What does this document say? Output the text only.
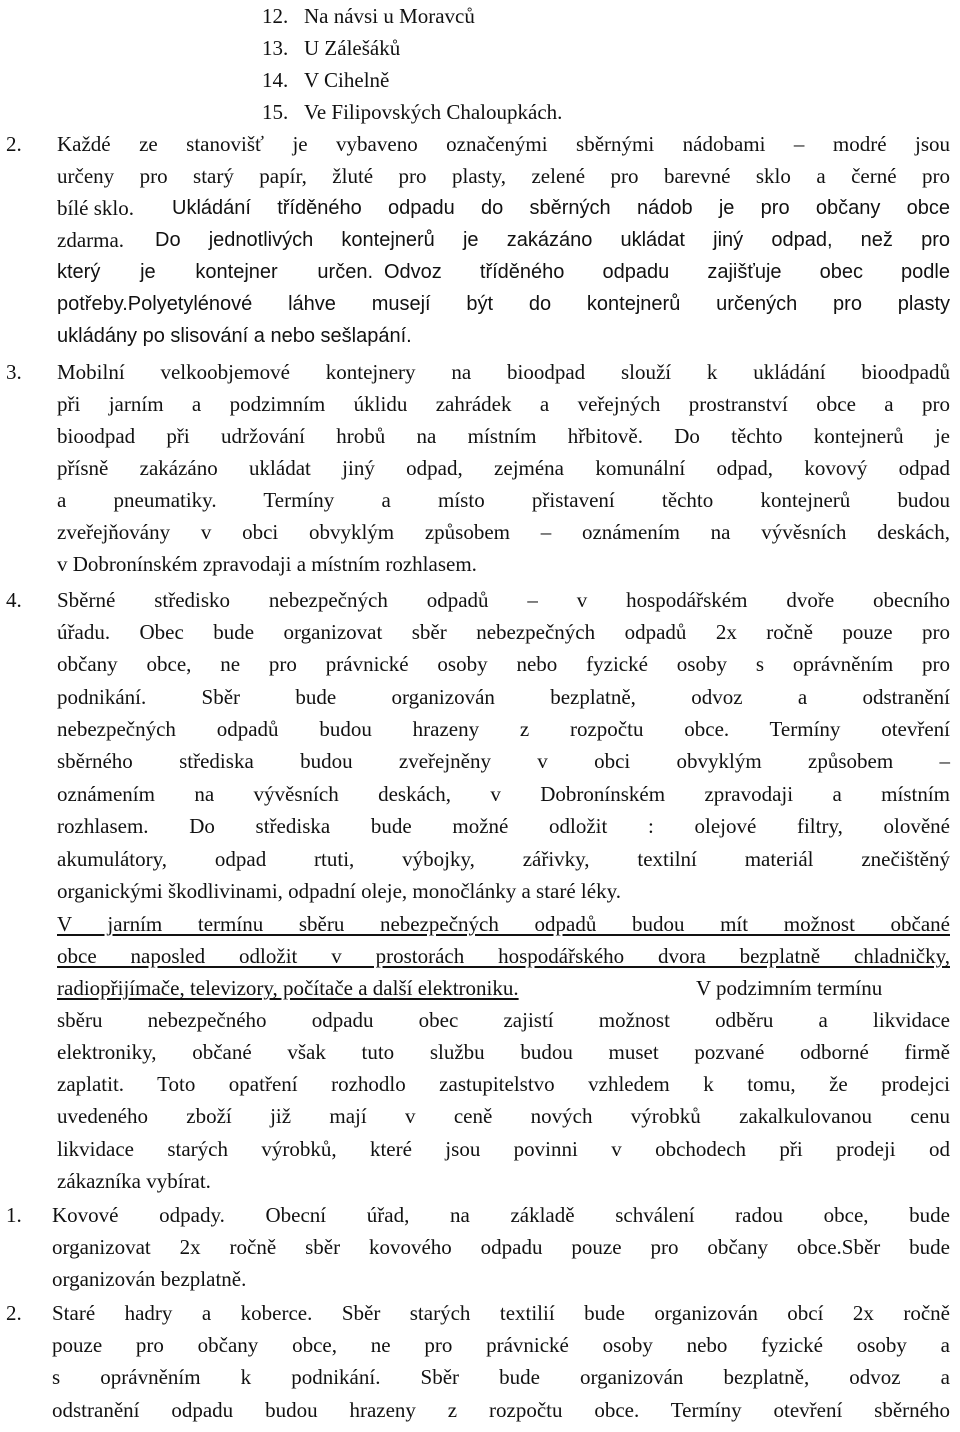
12. Na návsi u Moravců

13. U Zálešáků

14. V Cihelně

15. Ve Filipovských Chaloupkách.

2. Každé ze stanovišť je vybaveno označenými sběrnými nádobami – modré jsou

určeny pro starý papír, žluté pro plasty, zelené pro barevné sklo a černé pro

bílé sklo. Ukládání tříděného odpadu do sběrných nádob je pro občany obce

zdarma. Do jednotlivých kontejnerů je zakázáno ukládat jiný odpad, než pro

který je kontejner určen. Odvoz tříděného odpadu zajišťuje obec podle

potřeby.Polyetylénové láhve musejí být do kontejnerů určených pro plasty

ukládány po slisování a nebo sešlapání.

3. Mobilní velkoobjemové kontejnery na bioodpad slouží k ukládání bioodpadů

při jarním a podzimním úklidu zahrádek a veřejných prostranství obce a pro

bioodpad při udržování hrobů na místním hřbitově. Do těchto kontejnerů je

přísně zakázáno ukládat jiný odpad, zejména komunální odpad, kovový odpad

a pneumatiky. Termíny a místo přistavení těchto kontejnerů budou

zveřejňovány v obci obvyklým způsobem – oznámením na vývěsních deskách,

v Dobronínském zpravodaji a místním rozhlasem.

4. Sběrné středisko nebezpečných odpadů – v hospodářském dvoře obecního

úřadu. Obec bude organizovat sběr nebezpečných odpadů 2x ročně pouze pro

občany obce, ne pro právnické osoby nebo fyzické osoby s oprávněním pro

podnikání. Sběr bude organizován bezplatně, odvoz a odstranění

nebezpečných odpadů budou hrazeny z rozpočtu obce. Termíny otevření

sběrného střediska budou zveřejněny v obci obvyklým způsobem –

oznámením na vývěsních deskách, v Dobronínském zpravodaji a místním

rozhlasem. Do střediska bude možné odložit : olejové filtry, olověné

akumulátory, odpad rtuti, výbojky, zářivky, textilní materiál znečištěný

organickými škodlivinami, odpadní oleje, monočlánky a staré léky.

V jarním termínu sběru nebezpečných odpadů budou mít možnost občané

obce naposled odložit v prostorách hospodářského dvora bezplatně chladničky,

radiopřijímače, televizory, počítače a další elektroniku.	V podzimním termínu

sběru nebezpečného odpadu obec zajistí možnost odběru a likvidace

elektroniky, občané však tuto službu budou muset pozvané odborné firmě

zaplatit. Toto opatření rozhodlo zastupitelstvo vzhledem k tomu, že prodejci

uvedeného zboží již mají v ceně nových výrobků zakalkulovanou cenu

likvidace starých výrobků, které jsou povinni v obchodech při prodeji od

zákazníka vybírat.

1. Kovové odpady. Obecní úřad, na základě schválení radou obce, bude

organizovat 2x ročně sběr kovového odpadu pouze pro občany obce.Sběr bude

organizován bezplatně.

2. Staré hadry a koberce. Sběr starých textilií bude organizován obcí 2x ročně

pouze pro občany obce, ne pro právnické osoby nebo fyzické osoby a

s oprávněním k podnikání. Sběr bude organizován bezplatně, odvoz a

odstranění odpadu budou hrazeny z rozpočtu obce. Termíny otevření sběrného
